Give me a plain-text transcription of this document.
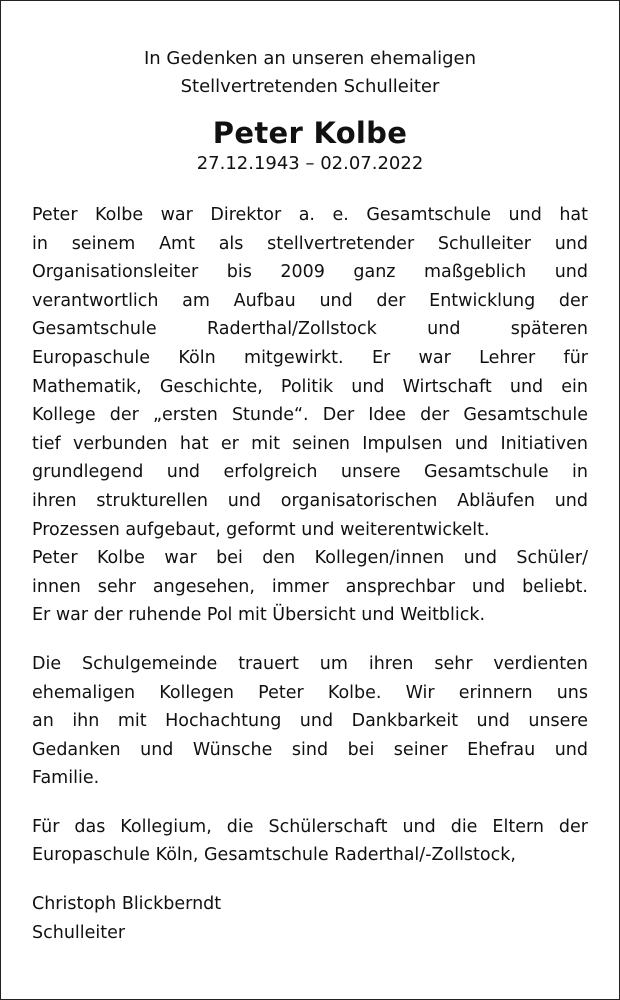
In Gedenken an unseren ehemaligen
Stellvertretenden Schulleiter

Peter Kolbe

27.12.1943 – 02.07.2022

Peter Kolbe war Direktor a. e. Gesamtschule und hat
in seinem Amt als stellvertretender Schulleiter und
Organisationsleiter bis 2009 ganz maßgeblich und
verantwortlich am Aufbau und der Entwicklung der
Gesamtschule Raderthal/Zollstock und späteren
Europaschule Köln mitgewirkt. Er war Lehrer für
Mathematik, Geschichte, Politik und Wirtschaft und ein
Kollege der „ersten Stunde“. Der Idee der Gesamtschule
tief verbunden hat er mit seinen Impulsen und Initiativen
grundlegend und erfolgreich unsere Gesamtschule in
ihren strukturellen und organisatorischen Abläufen und
Prozessen aufgebaut, geformt und weiterentwickelt.
Peter Kolbe war bei den Kollegen/innen und Schüler/
innen sehr angesehen, immer ansprechbar und beliebt.
Er war der ruhende Pol mit Übersicht und Weitblick.

Die Schulgemeinde trauert um ihren sehr verdienten
ehemaligen Kollegen Peter Kolbe. Wir erinnern uns
an ihn mit Hochachtung und Dankbarkeit und unsere
Gedanken und Wünsche sind bei seiner Ehefrau und
Familie.

Für das Kollegium, die Schülerschaft und die Eltern der
Europaschule Köln, Gesamtschule Raderthal/-Zollstock,

Christoph Blickberndt
Schulleiter
